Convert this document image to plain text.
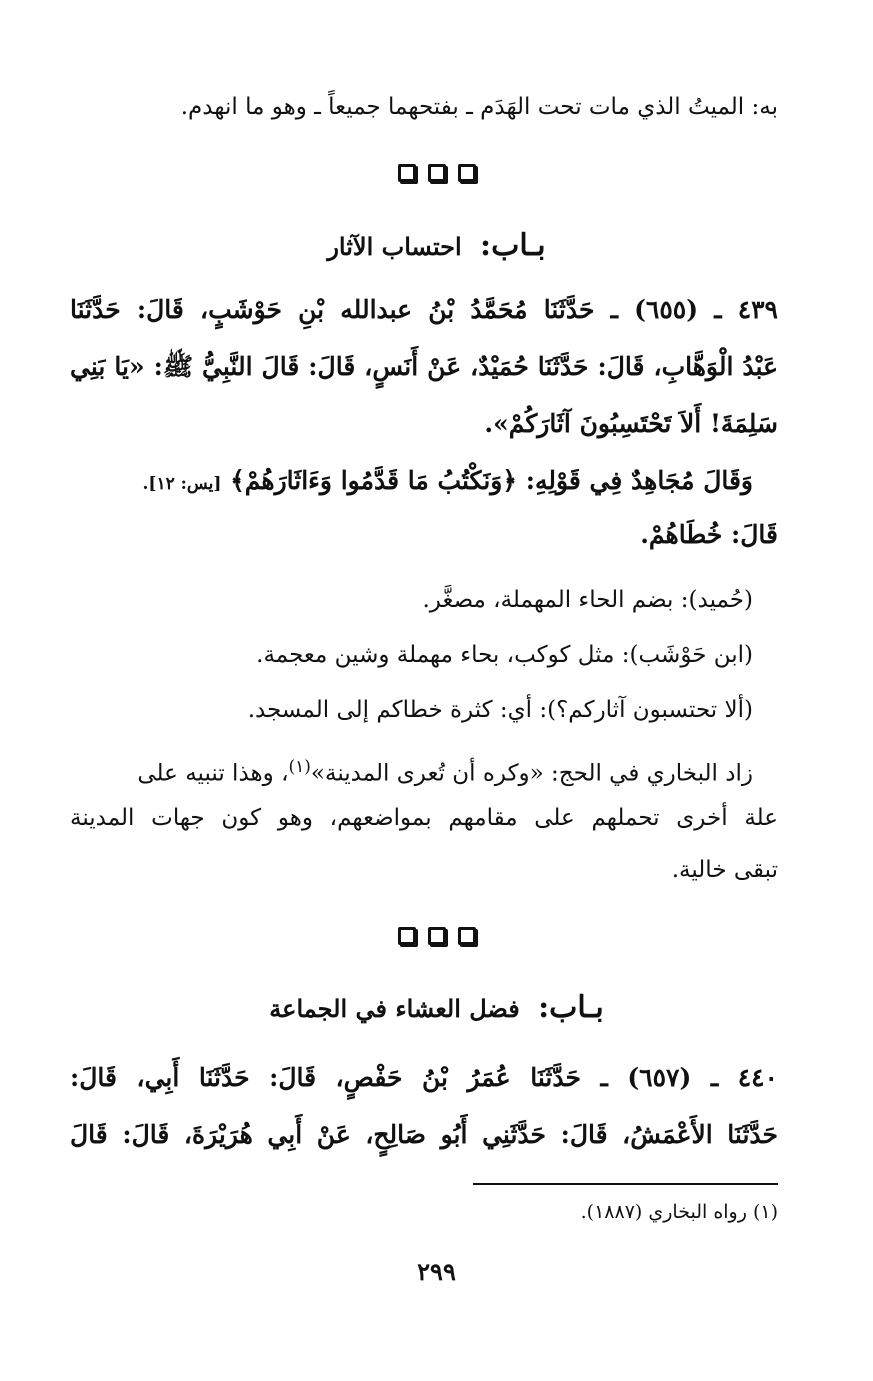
به: الميتُ الذي مات تحت الهَدَم ـ بفتحهما جميعاً ـ وهو ما انهدم.
بـاب: احتساب الآثار
٤٣٩ ـ (٦٥٥) ـ حَدَّثَنَا مُحَمَّدُ بْنُ عبدالله بْنِ حَوْشَبٍ، قَالَ: حَدَّثَنَا
عَبْدُ الْوَهَّابِ، قَالَ: حَدَّثَنَا حُمَيْدٌ، عَنْ أَنَسٍ، قَالَ: قَالَ النَّبِيُّ ﷺ: «يَا بَنِي
سَلِمَةَ! أَلاَ تَحْتَسِبُونَ آثَارَكُمْ».
وَقَالَ مُجَاهِدٌ فِي قَوْلِهِ: ﴿وَنَكْتُبُ مَا قَدَّمُوا وَءَاثَارَهُمْ﴾ [يس: ١٢].
قَالَ: خُطَاهُمْ.
(حُميد): بضم الحاء المهملة، مصغَّر.
(ابن حَوْشَب): مثل كوكب، بحاء مهملة وشين معجمة.
(ألا تحتسبون آثاركم؟): أي: كثرة خطاكم إلى المسجد.
زاد البخاري في الحج: «وكره أن تُعرى المدينة»$^{(١)}$، وهذا تنبيه على
علة أخرى تحملهم على مقامهم بمواضعهم، وهو كون جهات المدينة
تبقى خالية.
بـاب: فضل العشاء في الجماعة
٤٤٠ ـ (٦٥٧) ـ حَدَّثَنَا عُمَرُ بْنُ حَفْصٍ، قَالَ: حَدَّثَنَا أَبِي، قَالَ:
حَدَّثَنَا الأَعْمَشُ، قَالَ: حَدَّثَنِي أَبُو صَالِحٍ، عَنْ أَبِي هُرَيْرَةَ، قَالَ: قَالَ
(١) رواه البخاري (١٨٨٧).
٢٩٩
